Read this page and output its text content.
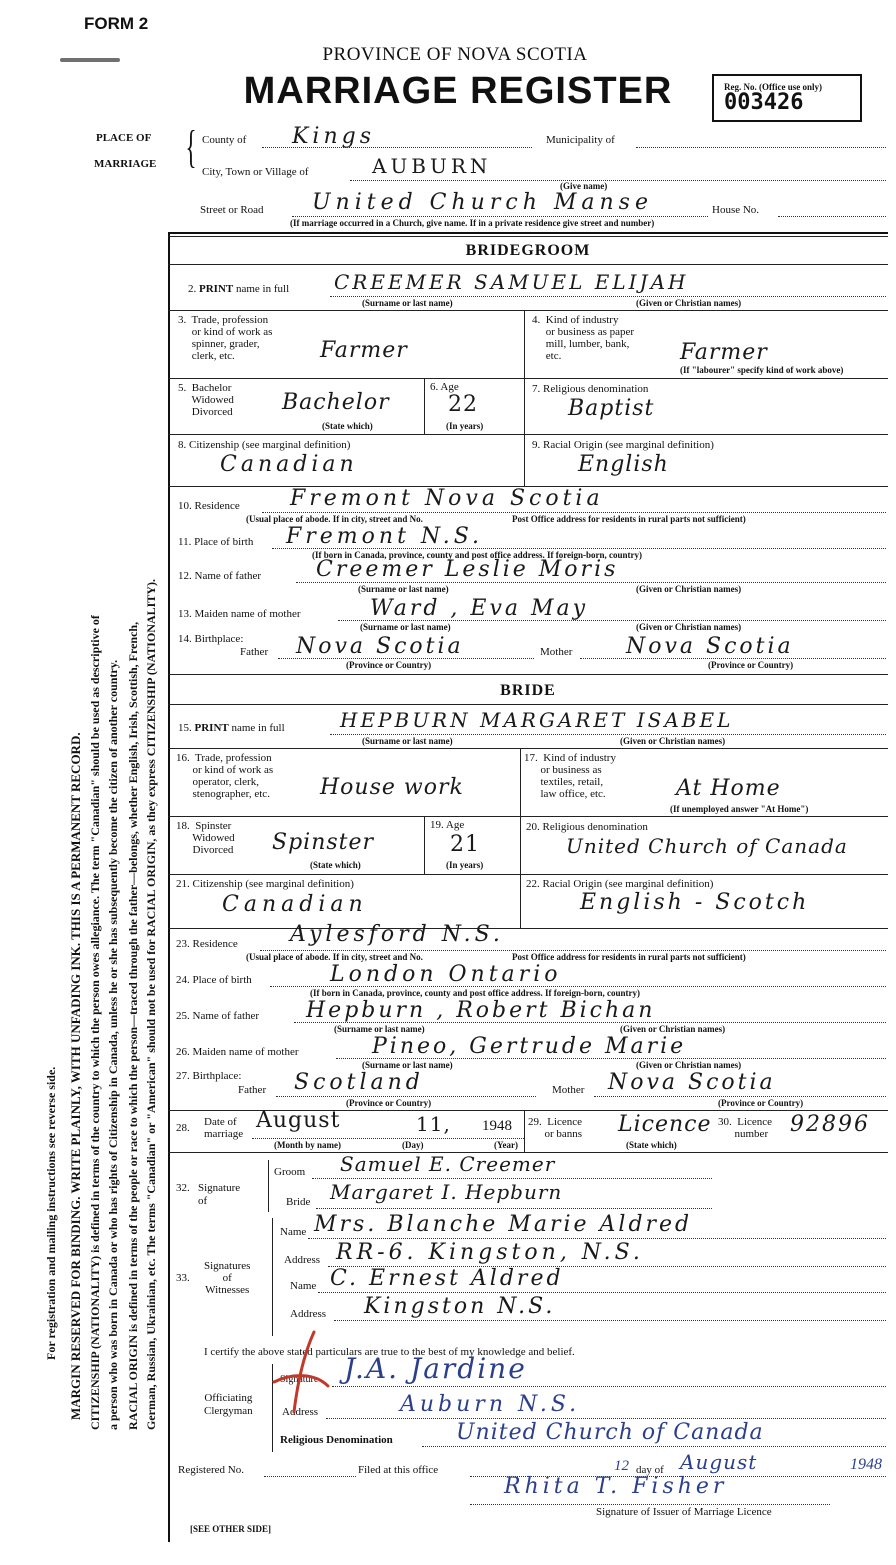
FORM 2
PROVINCE OF NOVA SCOTIA
MARRIAGE REGISTER	Reg. No. (Office use only)
003426
For registration and mailing instructions see reverse side. MARGIN RESERVED FOR BINDING. WRITE PLAINLY, WITH UNFADING INK. THIS IS A PERMANENT RECORD. CITIZENSHIP (NATIONALITY) is defined in terms of the country to which the person owes allegiance. The term "Canadian" should be used as descriptive of a person who was born in Canada or who has rights of Citizenship in Canada, unless he or she has subsequently become the citizen of another country. RACIAL ORIGIN is defined in terms of the people or race to which the person—traced through the father—belongs, whether English, Irish, Scottish, French, German, Russian, Ukrainian, etc. The terms "Canadian" or "American" should not be used for RACIAL ORIGIN, as they express CITIZENSHIP (NATIONALITY).
PLACE OF
MARRIAGE { County of Kings	Municipality of
City, Town or Village of	AUBURN
(Give name)
Street or Road United Church Manse	House No.
(If marriage occurred in a Church, give name. If in a private residence give street and number)
BRIDEGROOM
2. PRINT name in full CREEMER SAMUEL ELIJAH
(Surname or last name)	(Given or Christian names)
3.  Trade, profession
or kind of work as
spinner, grader,
clerk, etc.	Farmer
4.  Kind of industry
or business as paper
mill, lumber, bank,
etc.	Farmer
(If "labourer" specify kind of work above)
5.  Bachelor
Widowed
Divorced Bachelor
(State which)
6. Age
22
(In years)
7. Religious denomination
Baptist
8. Citizenship (see marginal definition)
Canadian
9. Racial Origin (see marginal definition)
English
10. Residence Fremont Nova Scotia
(Usual place of abode. If in city, street and No.	Post Office address for residents in rural parts not sufficient)
11. Place of birth Fremont N.S.
(If born in Canada, province, county and post office address. If foreign-born, country)
12. Name of father Creemer Leslie Moris
(Surname or last name)	(Given or Christian names)
13. Maiden name of mother	Ward , Eva May
(Surname or last name)	(Given or Christian names)
14. Birthplace:
Father Nova Scotia
(Province or Country)
Mother Nova Scotia
(Province or Country)
BRIDE
15. PRINT name in full	HEPBURN MARGARET ISABEL
(Surname or last name)	(Given or Christian names)
16.  Trade, profession
or kind of work as
operator, clerk,
stenographer, etc. House work
17.  Kind of industry
or business as
textiles, retail,
law office, etc.	At Home
(If unemployed answer "At Home")
18.  Spinster
Widowed
Divorced Spinster
(State which)
19. Age
21
(In years)
20. Religious denomination
United Church of Canada
21. Citizenship (see marginal definition)
Canadian
22. Racial Origin (see marginal definition)
English - Scotch
23. Residence Aylesford N.S.
(Usual place of abode. If in city, street and No.	Post Office address for residents in rural parts not sufficient)
24. Place of birth	London Ontario
(If born in Canada, province, county and post office address. If foreign-born, country)
25. Name of father Hepburn , Robert Bichan
(Surname or last name)	(Given or Christian names)
26. Maiden name of mother	Pineo, Gertrude Marie
(Surname or last name)	(Given or Christian names)
27. Birthplace:
Father Scotland
(Province or Country)
Mother Nova Scotia
(Province or Country)
28. Date of
marriage
August	11, 1948
(Month by name)	(Day)	(Year)
29.  Licence
or banns Licence
(State which)
30.  Licence
number 92896
32.   Signature
of
Groom Samuel E. Creemer
Bride Margaret I. Hepburn
33.
Signatures
of
Witnesses
Name Mrs. Blanche Marie Aldred
Address RR-6. Kingston, N.S.
Name C. Ernest Aldred
Address Kingston N.S.
I certify the above stated particulars are true to the best of my knowledge and belief.
Officiating
Clergyman
Signature J.A. Jardine
Address	Auburn N.S.
Religious Denomination	United Church of Canada
Registered No.	Filed at this office	12 day of August	1948
Rhita T. Fisher
Signature of Issuer of Marriage Licence
[SEE OTHER SIDE]
